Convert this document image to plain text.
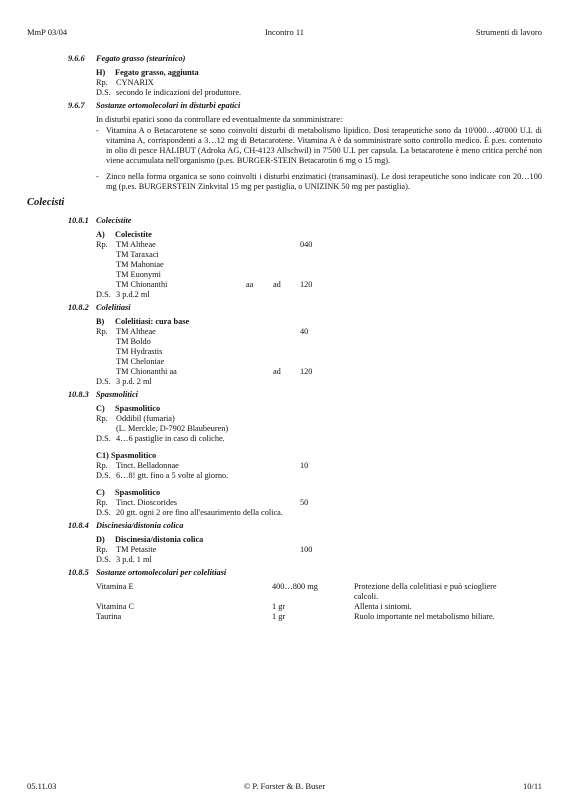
MmP 03/04	Incontro 11	Strumenti di lavoro
9.6.6 Fegato grasso (stearinico)
H) Fegato grasso, aggiunta
Rp. CYNARIX
D.S. secondo le indicazioni del produttore.
9.6.7 Sostanze ortomolecolari in disturbi epatici
In disturbi epatici sono da controllare ed eventualmente da somministrare:
- Vitamina A o Betacarotene se sono coinvolti disturbi di metabolismo lipidico. Dosi terapeutiche sono da 10'000…40'000 U.I. di vitamina A, corrispondenti a 3…12 mg di Betacarotene. Vitamina A è da somministrare sotto controllo medico. È p.es. contenuto in olio di pesce HALIBUT (Adroka AG, CH-4123 Allschwil) in 7'500 U.I. per capsula. La betacarotene è meno critica perché non viene accumulata nell'organismo (p.es. BURGER-STEIN Betacarotin 6 mg o 15 mg).
- Zinco nella forma organica se sono coinvolti i disturbi enzimatici (transaminasi). Le dosi terapeutiche sono indicate con 20…100 mg (p.es. BURGERSTEIN Zinkvital 15 mg per pastiglia, o UNIZINK 50 mg per pastiglia).
Colecisti
10.8.1 Colecistite
A) Colecistite
Rp. TM Altheae	040
TM Taraxaci
TM Mahoniae
TM Euonymi
TM Chionanthi	aa ad 120
D.S. 3 p.d.2 ml
10.8.2 Colelitiasi
B) Colelitiasi: cura base
Rp. TM Altheae	40
TM Boldo
TM Hydrastis
TM Cheloniae
TM Chionanthi aa	ad 120
D.S. 3 p.d. 2 ml
10.8.3 Spasmolitici
C) Spasmolitico
Rp. Oddibil (fumaria)
(L. Merckle, D-7902 Blaubeuren)
D.S. 4…6 pastiglie in caso di coliche.
C1) Spasmolitico
Rp. Tinct. Belladonnae	10
D.S. 6…8! gtt. fino a 5 volte al giorno.
C) Spasmolitico
Rp. Tinct. Dioscorides	50
D.S. 20 gtt. ogni 2 ore fino all'esaurimento della colica.
10.8.4 Discinesia/distonia colica
D) Discinesia/distonia colica
Rp. TM Petasite	100
D.S. 3 p.d. 1 ml
10.8.5 Sostanze ortomolecolari per colelitiasi
Vitamina E	400…800 mg	Protezione della colelitiasi e può sciogliere calcoli.
Vitamina C	1 gr	Allenta i sintomi.
Taurina	1 gr	Ruolo importante nel metabolismo biliare.
05.11.03	© P. Forster & B. Buser	10/11
